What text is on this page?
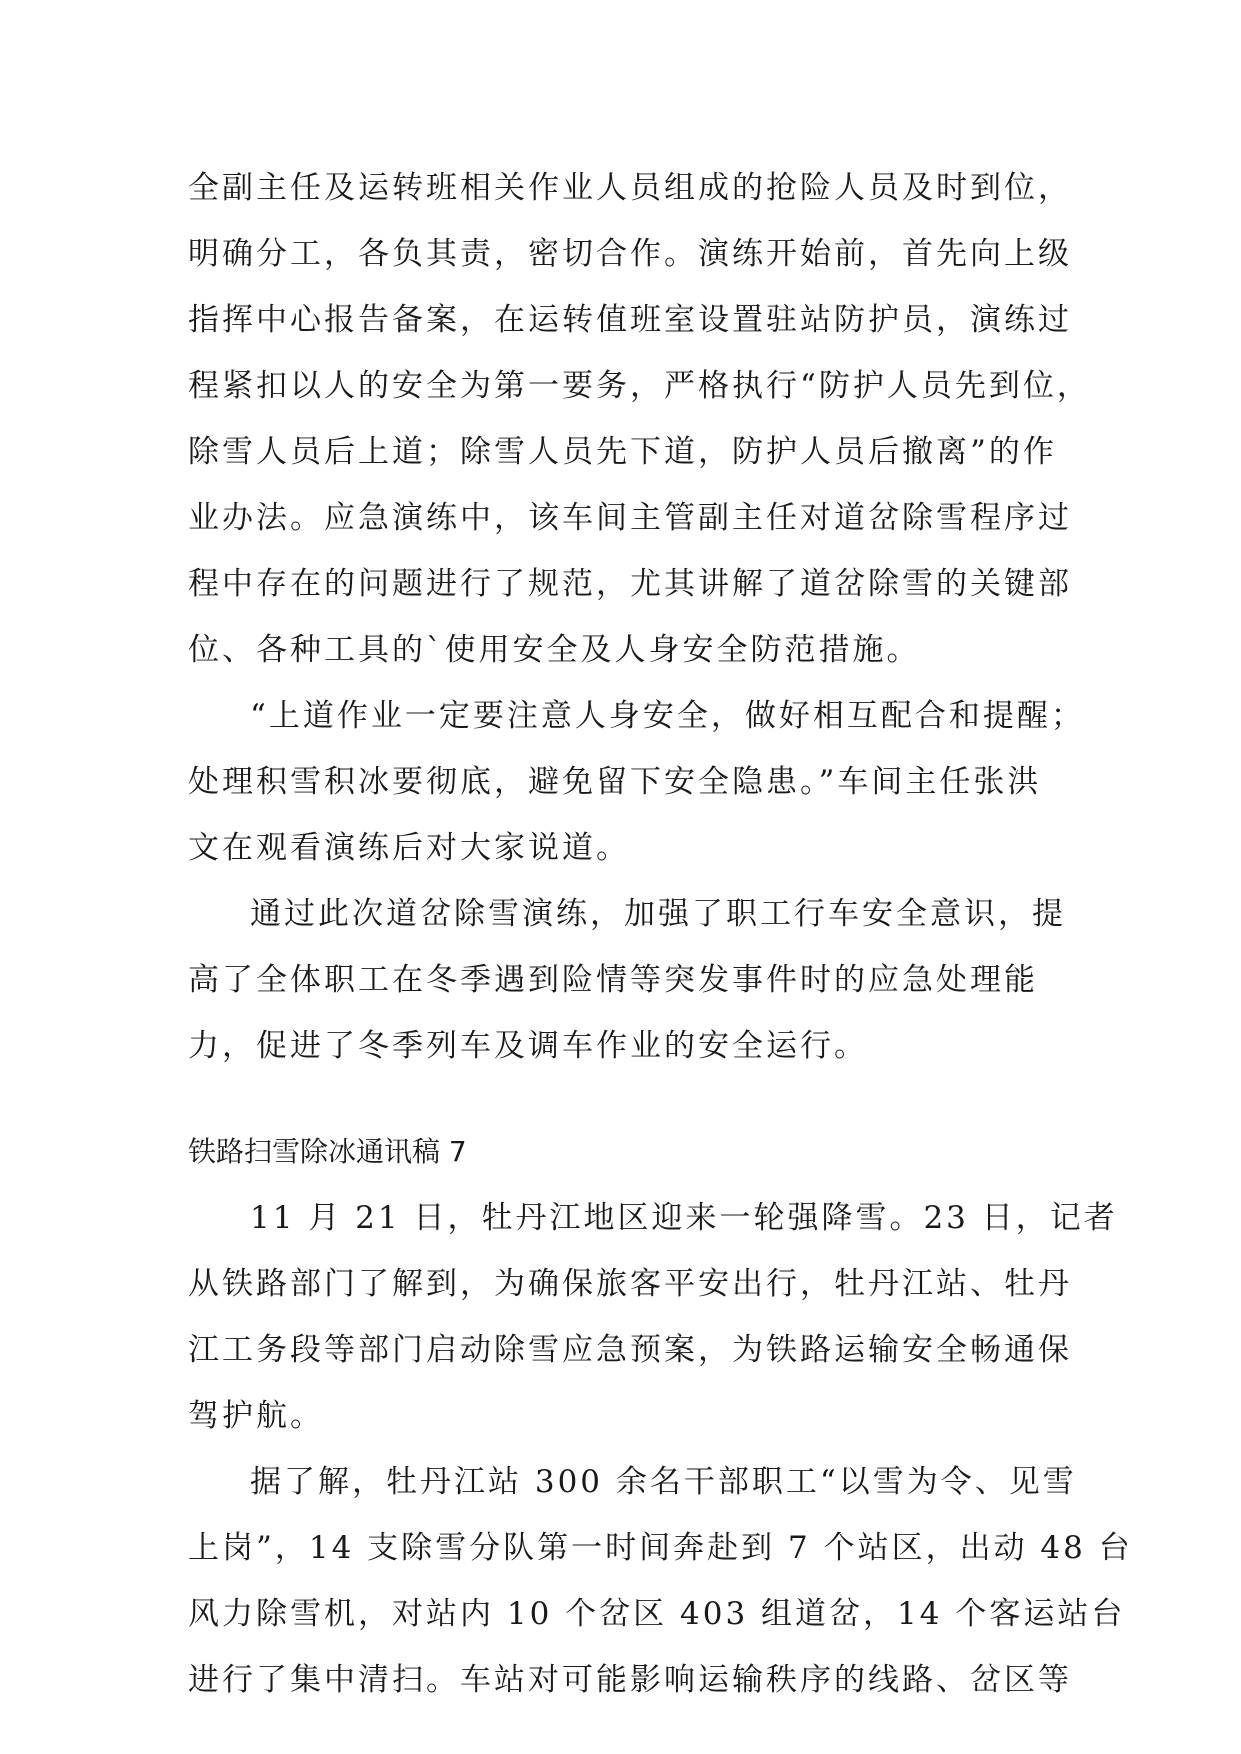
全副主任及运转班相关作业人员组成的抢险人员及时到位，
明确分工，各负其责，密切合作。演练开始前，首先向上级
指挥中心报告备案，在运转值班室设置驻站防护员，演练过
程紧扣以人的安全为第一要务，严格执行“防护人员先到位，
除雪人员后上道；除雪人员先下道，防护人员后撤离”的作
业办法。应急演练中，该车间主管副主任对道岔除雪程序过
程中存在的问题进行了规范，尤其讲解了道岔除雪的关键部
位、各种工具的`使用安全及人身安全防范措施。
“上道作业一定要注意人身安全，做好相互配合和提醒；
处理积雪积冰要彻底，避免留下安全隐患。”车间主任张洪
文在观看演练后对大家说道。
通过此次道岔除雪演练，加强了职工行车安全意识，提
高了全体职工在冬季遇到险情等突发事件时的应急处理能
力，促进了冬季列车及调车作业的安全运行。
铁路扫雪除冰通讯稿 7
11 月 21 日，牡丹江地区迎来一轮强降雪。23 日，记者
从铁路部门了解到，为确保旅客平安出行，牡丹江站、牡丹
江工务段等部门启动除雪应急预案，为铁路运输安全畅通保
驾护航。
据了解，牡丹江站 300 余名干部职工“以雪为令、见雪
上岗”，14 支除雪分队第一时间奔赴到 7 个站区，出动 48 台
风力除雪机，对站内 10 个岔区 403 组道岔，14 个客运站台
进行了集中清扫。车站对可能影响运输秩序的线路、岔区等
